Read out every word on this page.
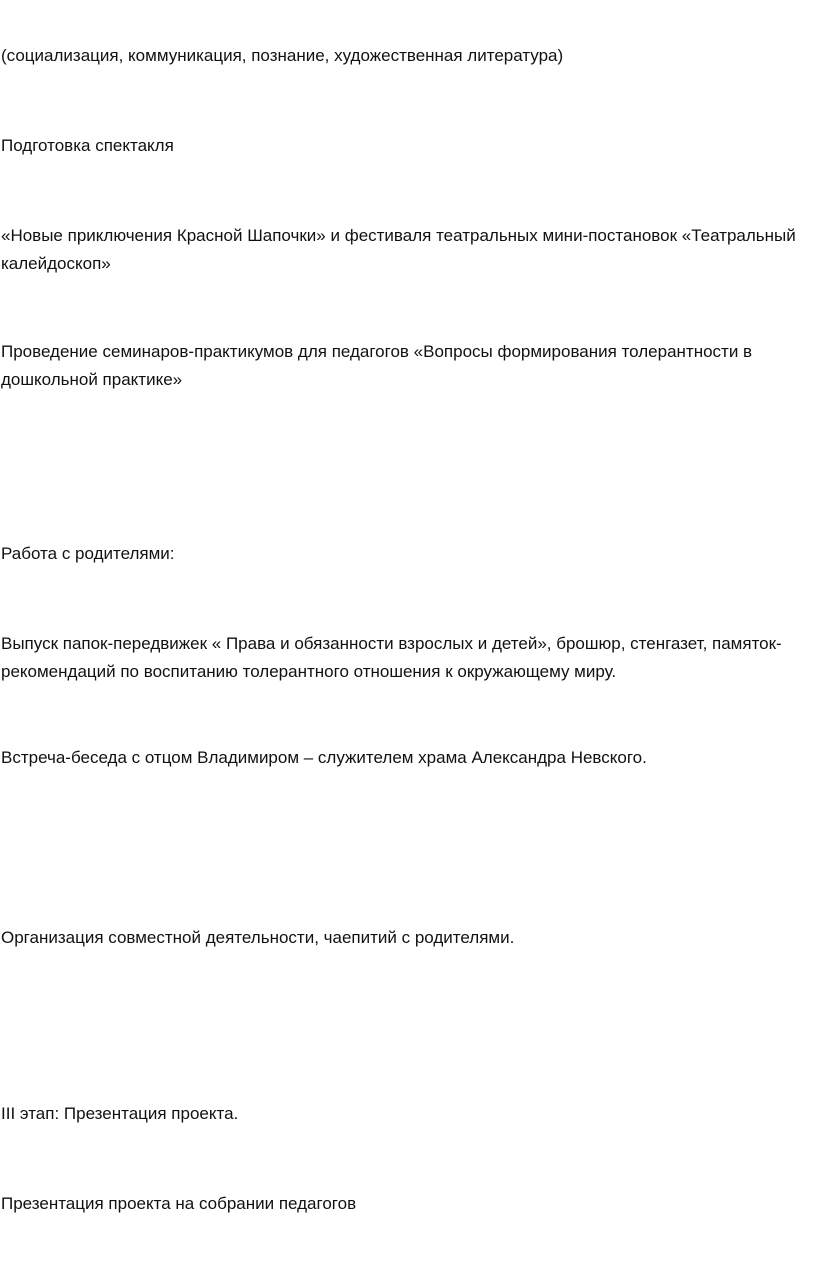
(социализация, коммуникация, познание, художественная литература)

Подготовка спектакля

«Новые приключения Красной Шапочки» и фестиваля театральных мини-постановок «Театральный калейдоскоп»

Проведение семинаров-практикумов для педагогов «Вопросы формирования толерантности в дошкольной практике»

Работа с родителями:

Выпуск папок-передвижек « Права и обязанности взрослых и детей», брошюр, стенгазет, памяток-рекомендаций по воспитанию толерантного отношения к окружающему миру.

Встреча-беседа с отцом Владимиром – служителем храма Александра Невского.

Организация совместной деятельности, чаепитий с родителями.

III этап: Презентация проекта.

Презентация проекта на собрании педагогов
